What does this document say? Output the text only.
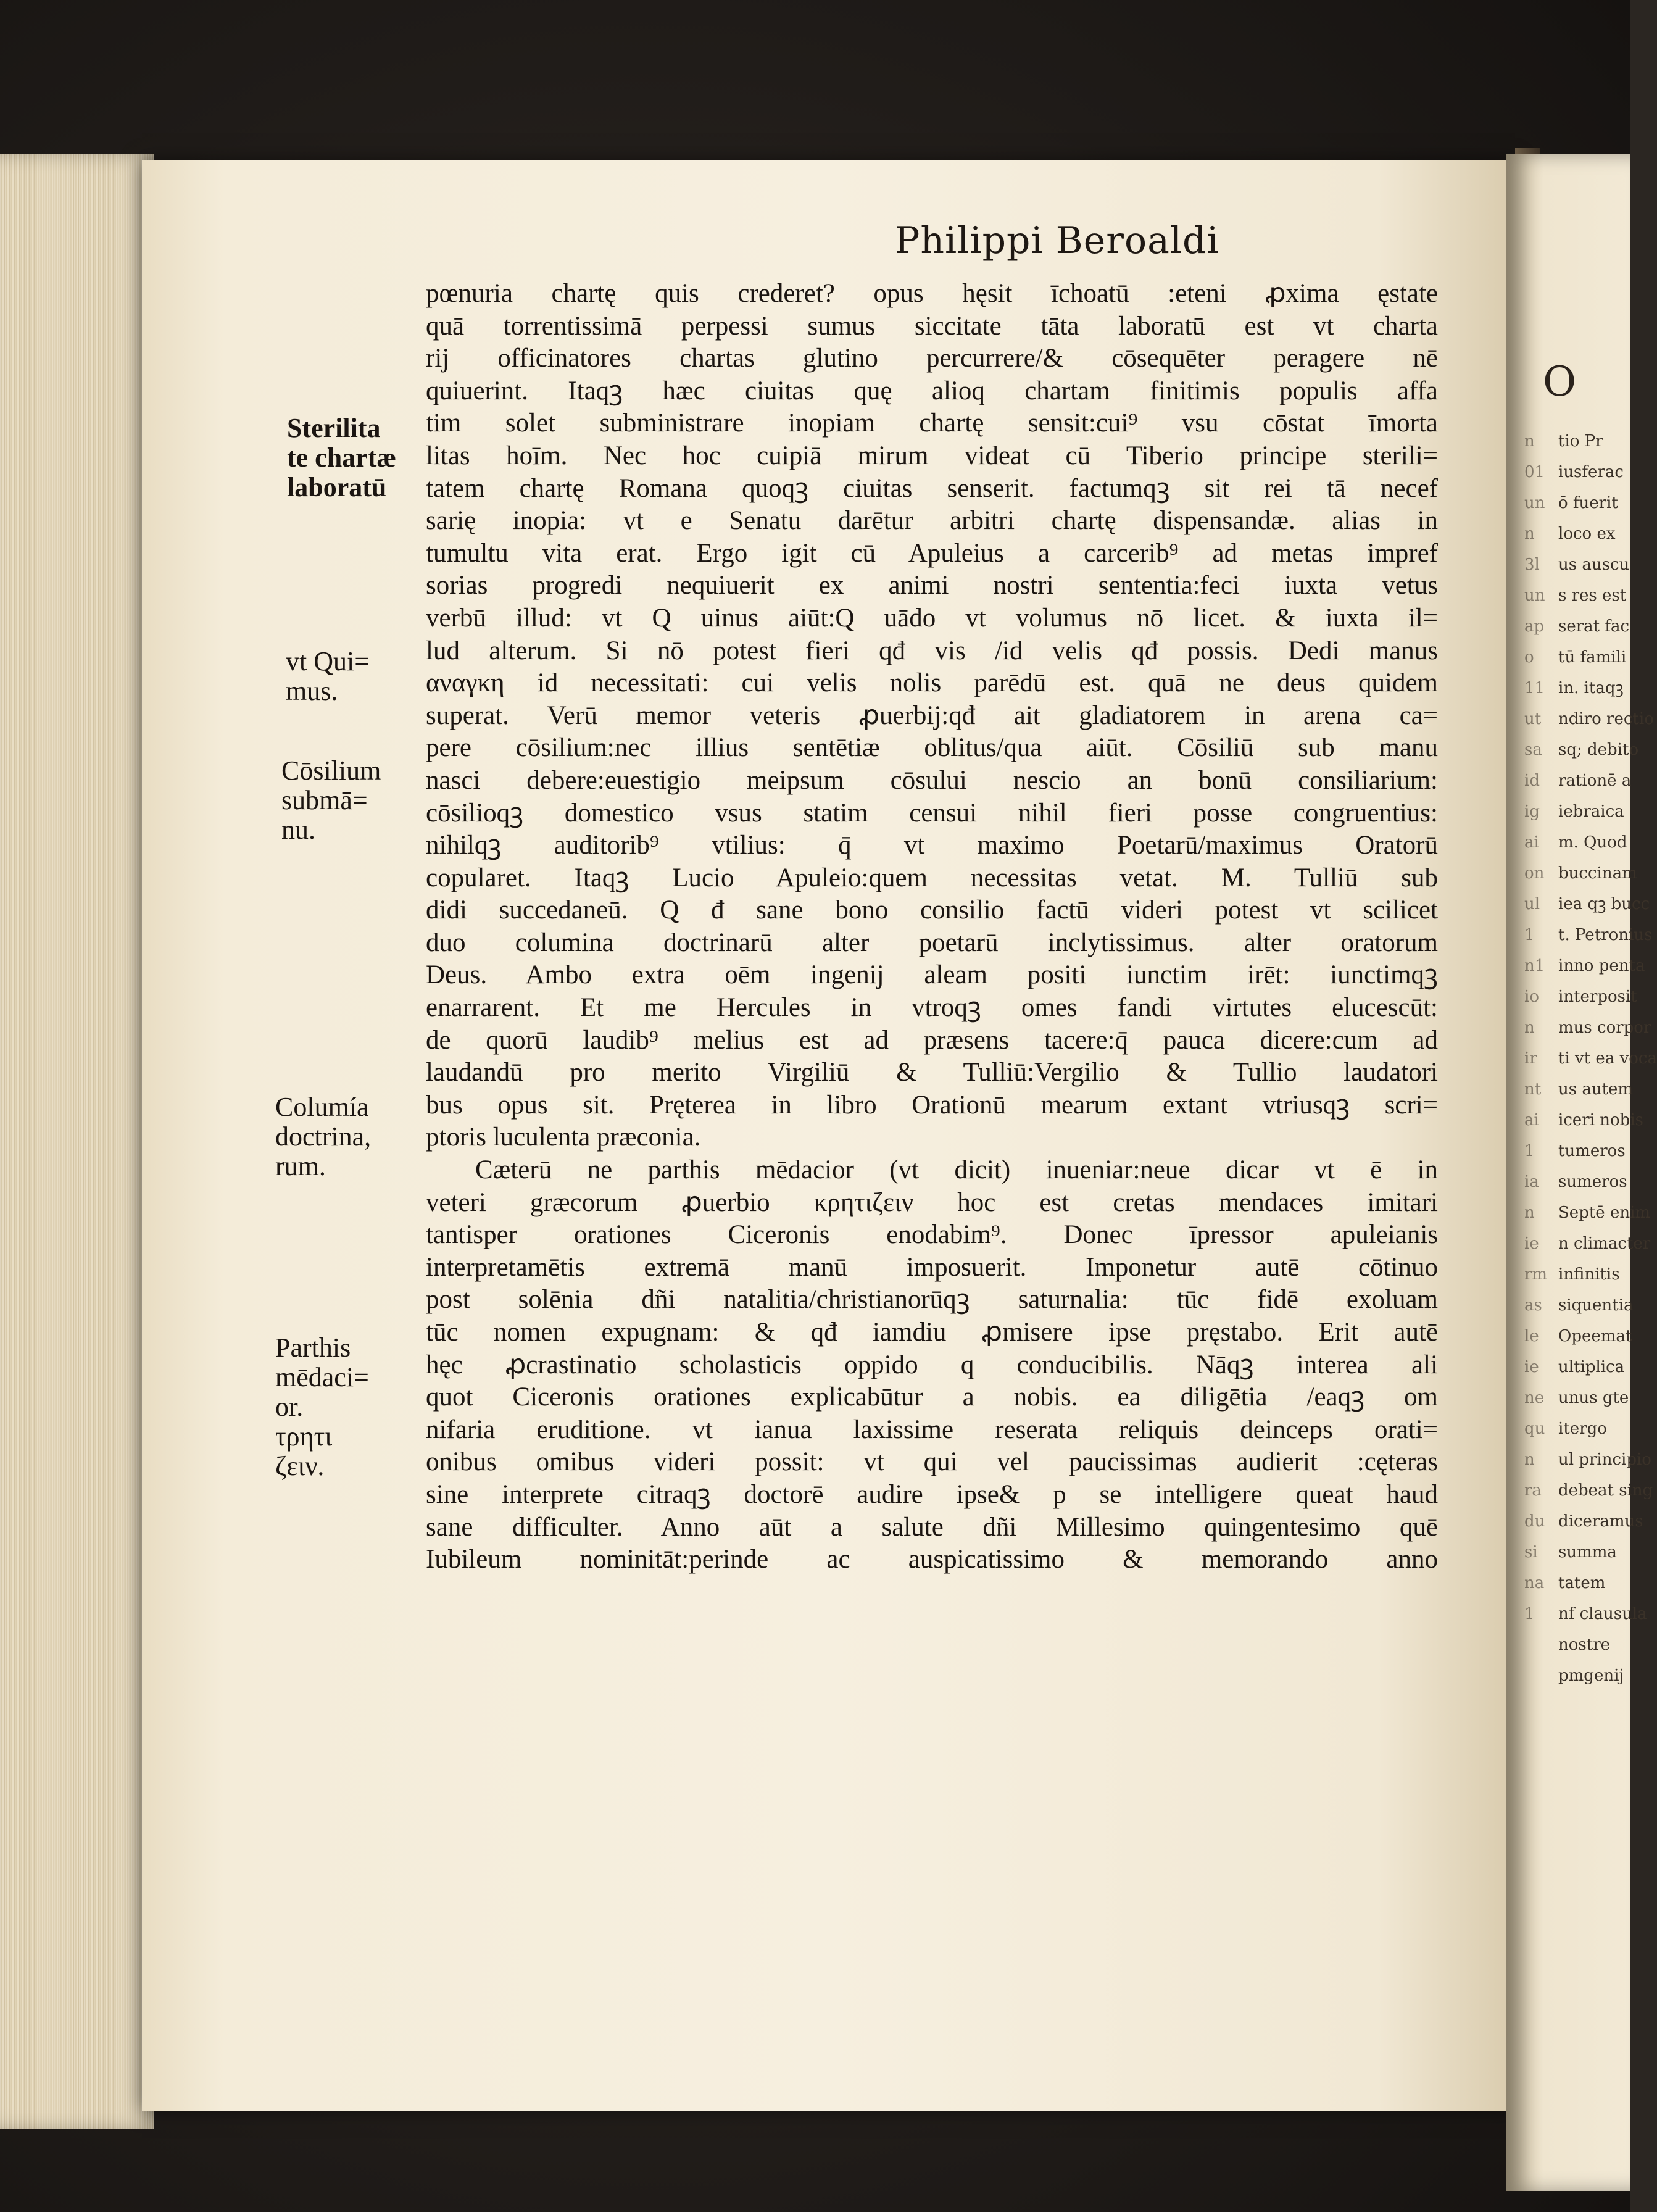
O
n
01
un
n
3l
un
ap
o
11
ut
sa
id
ig
ai
on
ul
1
n1
io
n
ir
nt
ai
1
ia
n
ie
rm
as
le
ie
ne
qu
n
ra
du
si
na
1
tio Pr
iusferac
ō fuerit
loco ex
us auscu
s res est
serat fac
tū famili
in. itaqꝫ
ndiro rectio
sq; debito
rationē a
iebraica
m. Quod
buccinam
iea qꝫ bucc
t. Petronius
inno penta
interposit
mus corpor
ti vt ea voca
us autem
iceri nobis
tumeros
sumeros
Septē enim
n climacter
infinitis
siquentia
Opeemat
ultiplica
unus gte
itergo
ul principio
debeat sing
diceramus
summa
tatem
nf clausula
nostre
pmgenij
Philippi Beroaldi
pœnuria chartę quis crederet? opus hęsit īchoatū :eteni ꝓxima ęstate
quā torrentissimā perpessi sumus siccitate tāta laboratū est vt charta
rij officinatores chartas glutino percurrere/& cōsequēter peragere nē
quiuerint. Itaqꝫ hæc ciuitas quę alioq chartam finitimis populis affa
tim solet subministrare inopiam chartę sensit:cui⁹ vsu cōstat īmorta
litas hoīm. Nec hoc cuipiā mirum videat cū Tiberio principe sterili=
tatem chartę Romana quoqꝫ ciuitas senserit. factumqꝫ sit rei tā necef
sarię inopia: vt e Senatu darētur arbitri chartę dispensandæ. alias in
tumultu vita erat. Ergo igit cū Apuleius a carcerib⁹ ad metas impref
sorias progredi nequiuerit ex animi nostri sententia:feci iuxta vetus
verbū illud: vt Q uinus aiūt:Q uādo vt volumus nō licet. & iuxta il=
lud alterum. Si nō potest fieri qđ vis /id velis qđ possis. Dedi manus
αναγκη id necessitati: cui velis nolis parēdū est. quā ne deus quidem
superat. Verū memor veteris ꝓuerbij:qđ ait gladiatorem in arena ca=
pere cōsilium:nec illius sentētiæ oblitus/qua aiūt. Cōsiliū sub manu
nasci debere:euestigio meipsum cōsului nescio an bonū consiliarium:
cōsilioqꝫ domestico vsus statim censui nihil fieri posse congruentius:
nihilqꝫ auditorib⁹ vtilius: q̄ vt maximo Poetarū/maximus Oratorū
copularet. Itaqꝫ Lucio Apuleio:quem necessitas vetat. M. Tulliū sub
didi succedaneū. Q đ sane bono consilio factū videri potest vt scilicet
duo columina doctrinarū alter poetarū inclytissimus. alter oratorum
Deus. Ambo extra oēm ingenij aleam positi iunctim irēt: iunctimqꝫ
enarrarent. Et me Hercules in vtroqꝫ omes fandi virtutes elucescūt:
de quorū laudib⁹ melius est ad præsens tacere:q̄ pauca dicere:cum ad
laudandū pro merito Virgiliū & Tulliū:Vergilio & Tullio laudatori
bus opus sit. Pręterea in libro Orationū mearum extant vtriusqꝫ scri=
ptoris luculenta præconia.
Cæterū ne parthis mēdacior (vt dicit) inueniar:neue dicar vt ē in
veteri græcorum ꝓuerbio κρητιζειν hoc est cretas mendaces imitari
tantisper orationes Ciceronis enodabim⁹. Donec īpressor apuleianis
interpretamētis extremā manū imposuerit. Imponetur autē cōtinuo
post solēnia dñi natalitia/christianorūqꝫ saturnalia: tūc fidē exoluam
tūc nomen expugnam: & qđ iamdiu ꝓmisere ipse pręstabo. Erit autē
hęc ꝓcrastinatio scholasticis oppido q conducibilis. Nāqꝫ interea ali
quot Ciceronis orationes explicabūtur a nobis. ea diligētia /eaqꝫ om
nifaria eruditione. vt ianua laxissime reserata reliquis deinceps orati=
onibus omibus videri possit: vt qui vel paucissimas audierit :cęteras
sine interprete citraqꝫ doctorē audire ipse& p se intelligere queat haud
sane difficulter. Anno aūt a salute dñi Millesimo quingentesimo quē
Iubileum nominitāt:perinde ac auspicatissimo & memorando anno
Sterilita
te chartæ
laboratū
vt Qui=
mus.
Cōsilium
submā=
nu.
Columía
doctrina,
rum.
Parthis
mēdaci=
or.
τρητι
ζειν.
